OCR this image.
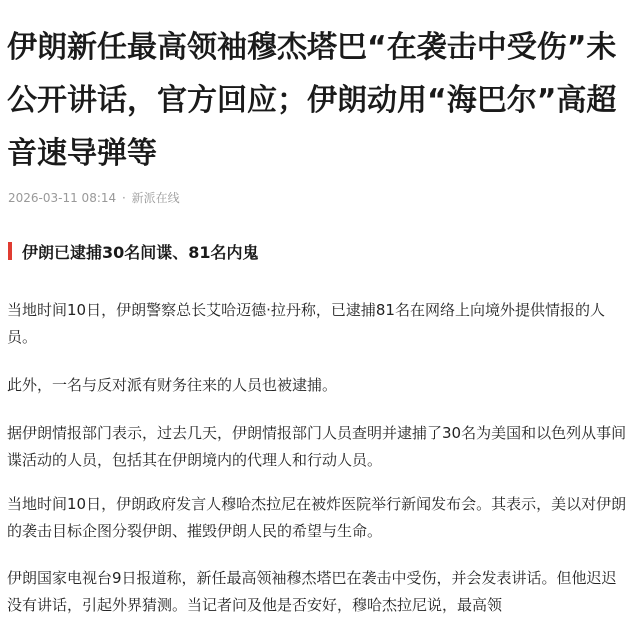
伊朗新任最高领袖穆杰塔巴“在袭击中受伤”未公开讲话，官方回应；伊朗动用“海巴尔”高超音速导弹等
2026-03-11 08:14 · 新派在线
伊朗已逮捕30名间谍、81名内鬼

当地时间10日，伊朗警察总长艾哈迈德·拉丹称，已逮捕81名在网络上向境外提供情报的人员。

此外，一名与反对派有财务往来的人员也被逮捕。

据伊朗情报部门表示，过去几天，伊朗情报部门人员查明并逮捕了30名为美国和以色列从事间谍活动的人员，包括其在伊朗境内的代理人和行动人员。

当地时间10日，伊朗政府发言人穆哈杰拉尼在被炸医院举行新闻发布会。其表示，美以对伊朗的袭击目标企图分裂伊朗、摧毁伊朗人民的希望与生命。

伊朗国家电视台9日报道称，新任最高领袖穆杰塔巴在袭击中受伤，并会发表讲话。但他迟迟没有讲话，引起外界猜测。当记者问及他是否安好，穆哈杰拉尼说，最高领
